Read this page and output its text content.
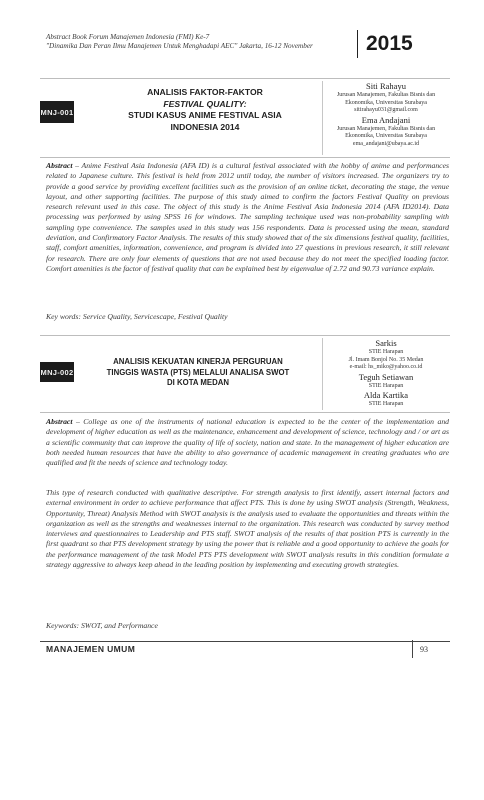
Abstract Book Forum Manajemen Indonesia (FMI) Ke-7
"Dinamika Dan Peran Ilmu Manajemen Untuk Menghadapi AEC" Jakarta, 16-12 November	2015
MNJ-001
ANALISIS FAKTOR-FAKTOR
FESTIVAL QUALITY:
STUDI KASUS ANIME FESTIVAL ASIA
INDONESIA 2014
Siti Rahayu
Jurusan Manajemen, Fakultas Bisnis dan
Ekonomika, Universitas Surabaya
sitirahayu031@gmail.com
Ema Andajani
Jurusan Manajemen, Fakultas Bisnis dan
Ekonomika, Universitas Surabaya
ema_andajani@ubaya.ac.id

Abstract – Anime Festival Asia Indonesia (AFA ID) is a cultural festival associated with the hobby of anime and performances related to Japanese culture. This festival is held from 2012 until today, the number of visitors increased. The organizers try to provide a good service by providing excellent facilities such as the provision of an online ticket, decorating the stage, the venue layout, and other supporting facilities. The purpose of this study aimed to confirm the factors Festival Quality on previous research relevant used in this case. The object of this study is the Anime Festival Asia Indonesia 2014 (AFA ID2014). Data processing was performed by using SPSS 16 for windows. The sampling technique used was non-probability sampling with sampling type convenience. The samples used in this study was 156 respondents. Data is processed using the mean, standard deviation, and Confirmatory Factor Analysis. The results of this study showed that of the six dimensions festival quality, facilities, staff, comfort amenities, information, convenience, and program is divided into 27 questions in previous research, it still relevant for research. There are only four elements of questions that are not used because they do not meet the specified loading factor. Comfort amenities is the factor of festival quality that can be explained best by eigenvalue of 2.72 and 90.73 variance explain.

Key words: Service Quality, Servicescape, Festival Quality
MNJ-002
ANALISIS KEKUATAN KINERJA PERGURUAN
TINGGIS WASTA (PTS) MELALUI ANALISA SWOT
DI KOTA MEDAN
Sarkis
STIE Harapan
Jl. Imam Bonjol No. 35 Medan
e-mail: hs_miko@yahoo.co.id
Teguh Setiawan
STIE Harapan
Alda Kartika
STIE Harapan

Abstract – College as one of the instruments of national education is expected to be the center of the implementation and development of higher education as well as the maintenance, enhancement and development of science, technology and / or art as a scientific community that can improve the quality of life of society, nation and state. In the management of higher education are both needed human resources that have the ability to also governance of academic management in creating graduates who are qualified and fit the needs of science and technology today.

This type of research conducted with qualitative descriptive. For strength analysis to first identify, assert internal factors and external environment in order to achieve performance that affect PTS. This is done by using SWOT analysis (Strength, Weakness, Opportunity, Threat) Analysis Method with SWOT analysis is the analysis used to evaluate the opportunities and threats within the organization as well as the strengths and weaknesses internal to the organization. This research was conducted by survey method interviews and questionnaires to Leadership and PTS staff. SWOT analysis of the results of that position PTS is currently in the first quadrant so that PTS development strategy by using the power that is reliable and a good opportunity to achieve the goals for the performance management of the task Model PTS PTS development with SWOT analysis results in this condition formulate a strategy aggressive to always keep ahead in the leading position by implementing and executing growth strategies.

Keywords: SWOT, and Performance
MANAJEMEN UMUM	93
